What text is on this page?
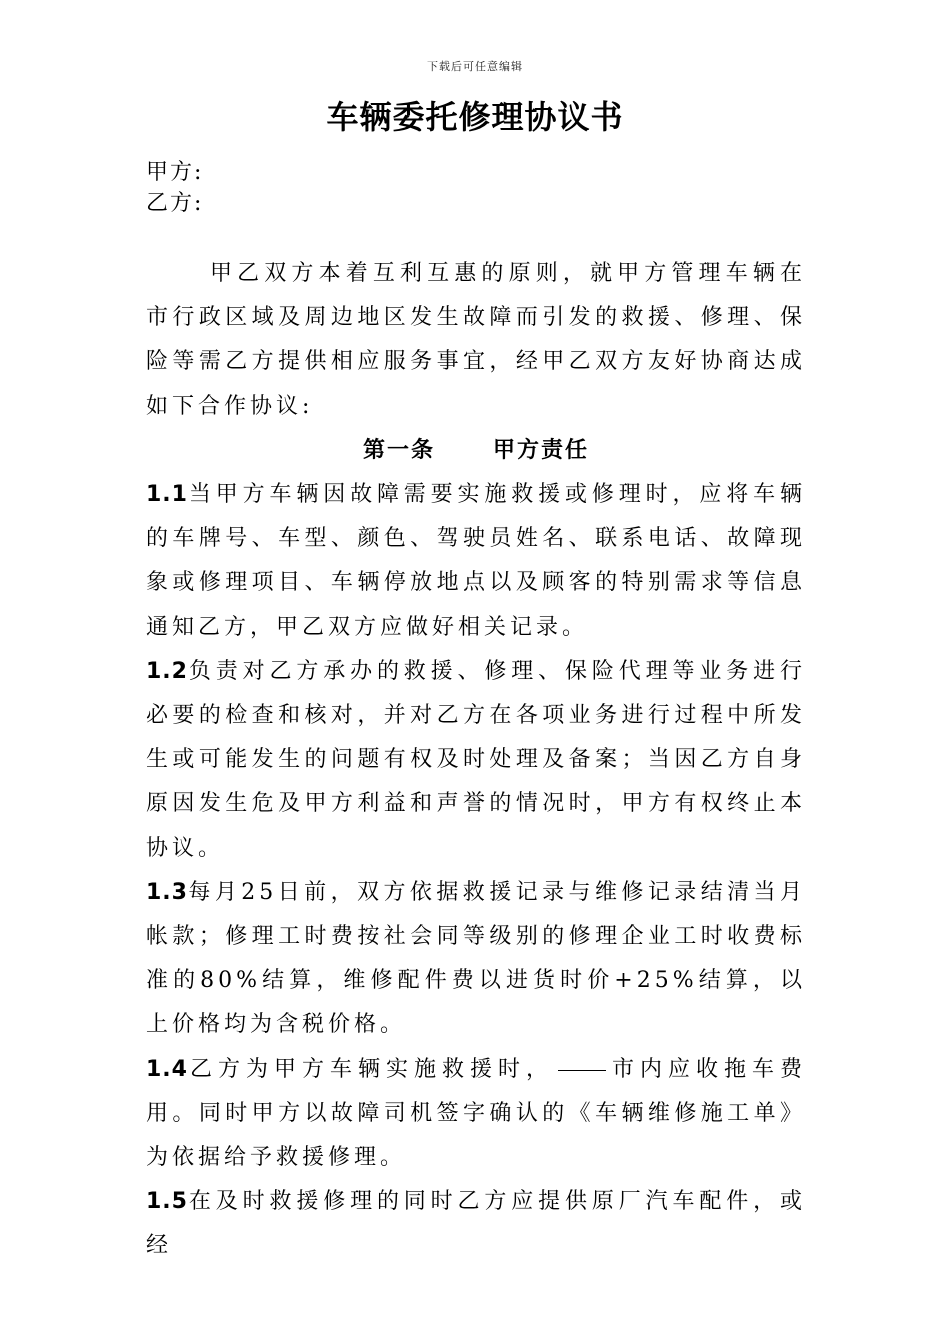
下载后可任意编辑
车辆委托修理协议书
甲方:
乙方:

甲乙双方本着互利互惠的原则，就甲方管理车辆在市行政区域及周边地区发生故障而引发的救援、修理、保险等需乙方提供相应服务事宜，经甲乙双方友好协商达成如下合作协议:

第一条	甲方责任

1.1当甲方车辆因故障需要实施救援或修理时，应将车辆的车牌号、车型、颜色、驾驶员姓名、联系电话、故障现象或修理项目、车辆停放地点以及顾客的特别需求等信息通知乙方，甲乙双方应做好相关记录。

1.2负责对乙方承办的救援、修理、保险代理等业务进行必要的检查和核对，并对乙方在各项业务进行过程中所发生或可能发生的问题有权及时处理及备案；当因乙方自身原因发生危及甲方利益和声誉的情况时，甲方有权终止本协议。

1.3每月25日前，双方依据救援记录与维修记录结清当月帐款；修理工时费按社会同等级别的修理企业工时收费标准的80%结算，维修配件费以进货时价+25%结算，以上价格均为含税价格。

1.4乙方为甲方车辆实施救援时，	市内应收拖车费用。同时甲方以故障司机签字确认的《车辆维修施工单》为依据给予救援修理。

1.5在及时救援修理的同时乙方应提供原厂汽车配件，或经
